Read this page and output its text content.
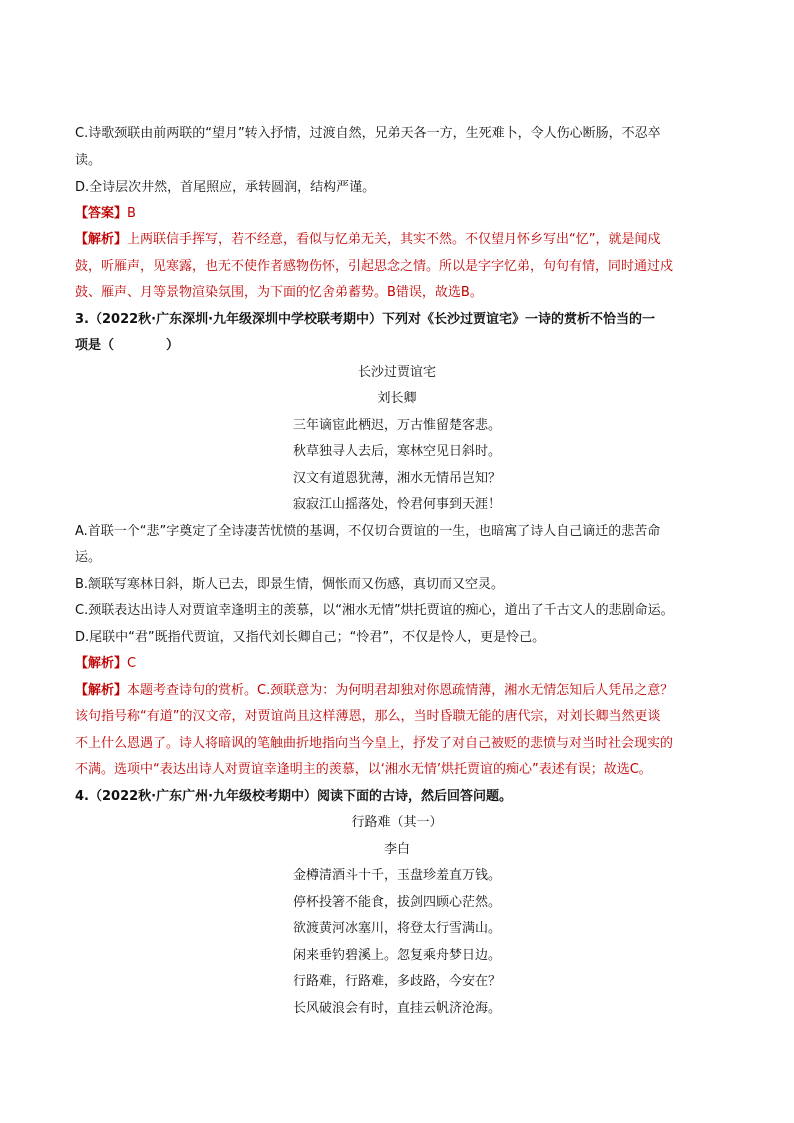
C.诗歌颈联由前两联的“望月”转入抒情，过渡自然，兄弟天各一方，生死难卜，令人伤心断肠，不忍卒
读。
D.全诗层次井然，首尾照应，承转圆润，结构严谨。
【答案】B
【解析】上两联信手挥写，若不经意，看似与忆弟无关，其实不然。不仅望月怀乡写出“忆”，就是闻戍
鼓，听雁声，见寒露，也无不使作者感物伤怀，引起思念之情。所以是字字忆弟，句句有情，同时通过戍
鼓、雁声、月等景物渲染氛围，为下面的忆舍弟蓄势。B错误，故选B。
3.（2022秋·广东深圳·九年级深圳中学校联考期中）下列对《长沙过贾谊宅》一诗的赏析不恰当的一
项是（　　　　）
长沙过贾谊宅
刘长卿
三年谪宦此栖迟，万古惟留楚客悲。
秋草独寻人去后，寒林空见日斜时。
汉文有道恩犹薄，湘水无情吊岂知？
寂寂江山摇落处，怜君何事到天涯！
A.首联一个“悲”字奠定了全诗凄苦忧愤的基调，不仅切合贾谊的一生，也暗寓了诗人自己谪迁的悲苦命
运。
B.颔联写寒林日斜，斯人已去，即景生情，惆怅而又伤感，真切而又空灵。
C.颈联表达出诗人对贾谊幸逢明主的羡慕，以“湘水无情”烘托贾谊的痴心，道出了千古文人的悲剧命运。
D.尾联中“君”既指代贾谊，又指代刘长卿自己；“怜君”，不仅是怜人，更是怜己。
【解析】C
【解析】本题考查诗句的赏析。C.颈联意为：为何明君却独对你恩疏情薄，湘水无情怎知后人凭吊之意？
该句指号称“有道”的汉文帝，对贾谊尚且这样薄恩，那么，当时昏聩无能的唐代宗，对刘长卿当然更谈
不上什么恩遇了。诗人将暗讽的笔触曲折地指向当今皇上，抒发了对自己被贬的悲愤与对当时社会现实的
不满。选项中“表达出诗人对贾谊幸逢明主的羡慕，以‘湘水无情’烘托贾谊的痴心”表述有误；故选C。
4.（2022秋·广东广州·九年级校考期中）阅读下面的古诗，然后回答问题。
行路难（其一）
李白
金樽清酒斗十千，玉盘珍羞直万钱。
停杯投箸不能食，拔剑四顾心茫然。
欲渡黄河冰塞川，将登太行雪满山。
闲来垂钓碧溪上。忽复乘舟梦日边。
行路难，行路难，多歧路，今安在？
长风破浪会有时，直挂云帆济沧海。
